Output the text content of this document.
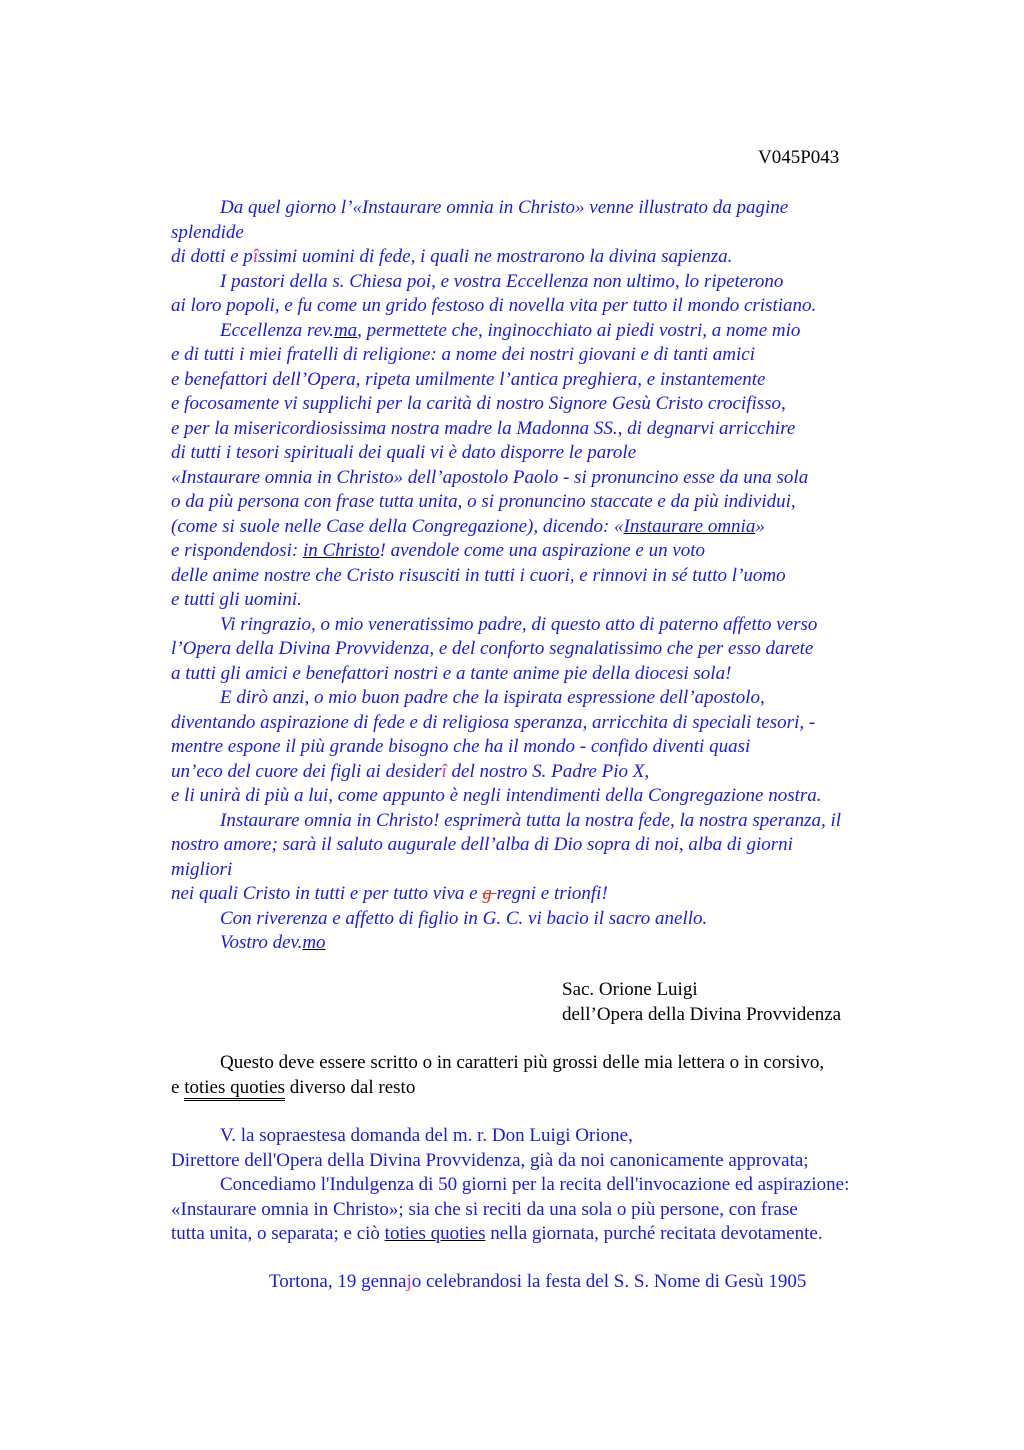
V045P043
Da quel giorno l’«Instaurare omnia in Christo» venne illustrato da pagine
splendide
di dotti e pîssimi uomini di fede, i quali ne mostrarono la divina sapienza.
I pastori della s. Chiesa poi, e vostra Eccellenza non ultimo, lo ripeterono
ai loro popoli, e fu come un grido festoso di novella vita per tutto il mondo cristiano.
Eccellenza rev.ma, permettete che, inginocchiato ai piedi vostri, a nome mio
e di tutti i miei fratelli di religione: a nome dei nostri giovani e di tanti amici
e benefattori dell’Opera, ripeta umilmente l’antica preghiera, e instantemente
e focosamente vi supplichi per la carità di nostro Signore Gesù Cristo crocifisso,
e per la misericordiosissima nostra madre la Madonna SS., di degnarvi arricchire
di tutti i tesori spirituali dei quali vi è dato disporre le parole
«Instaurare omnia in Christo» dell’apostolo Paolo - si pronuncino esse da una sola
o da più persona con frase tutta unita, o si pronuncino staccate e da più individui,
(come si suole nelle Case della Congregazione), dicendo: «Instaurare omnia»
e rispondendosi: in Christo! avendole come una aspirazione e un voto
delle anime nostre che Cristo risusciti in tutti i cuori, e rinnovi in sé tutto l’uomo
e tutti gli uomini.
Vi ringrazio, o mio veneratissimo padre, di questo atto di paterno affetto verso
l’Opera della Divina Provvidenza, e del conforto segnalatissimo che per esso darete
a tutti gli amici e benefattori nostri e a tante anime pie della diocesi sola!
E dirò anzi, o mio buon padre che la ispirata espressione dell’apostolo,
diventando aspirazione di fede e di religiosa speranza, arricchita di speciali tesori, -
mentre espone il più grande bisogno che ha il mondo - confido diventi quasi
un’eco del cuore dei figli ai desiderî del nostro S. Padre Pio X,
e li unirà di più a lui, come appunto è negli intendimenti della Congregazione nostra.
Instaurare omnia in Christo! esprimerà tutta la nostra fede, la nostra speranza, il
nostro amore; sarà il saluto augurale dell’alba di Dio sopra di noi, alba di giorni
migliori
nei quali Cristo in tutti e per tutto viva e g regni e trionfi!
Con riverenza e affetto di figlio in G. C. vi bacio il sacro anello.
Vostro dev.mo
Sac. Orione Luigi
dell’Opera della Divina Provvidenza
Questo deve essere scritto o in caratteri più grossi delle mia lettera o in corsivo,
e toties quoties diverso dal resto
V. la sopraestesa domanda del m. r. Don Luigi Orione,
Direttore dell'Opera della Divina Provvidenza, già da noi canonicamente approvata;
Concediamo l'Indulgenza di 50 giorni per la recita dell'invocazione ed aspirazione:
«Instaurare omnia in Christo»; sia che si reciti da una sola o più persone, con frase
tutta unita, o separata; e ciò toties quoties nella giornata, purché recitata devotamente.
Tortona, 19 gennajo celebrandosi la festa del S. S. Nome di Gesù 1905
